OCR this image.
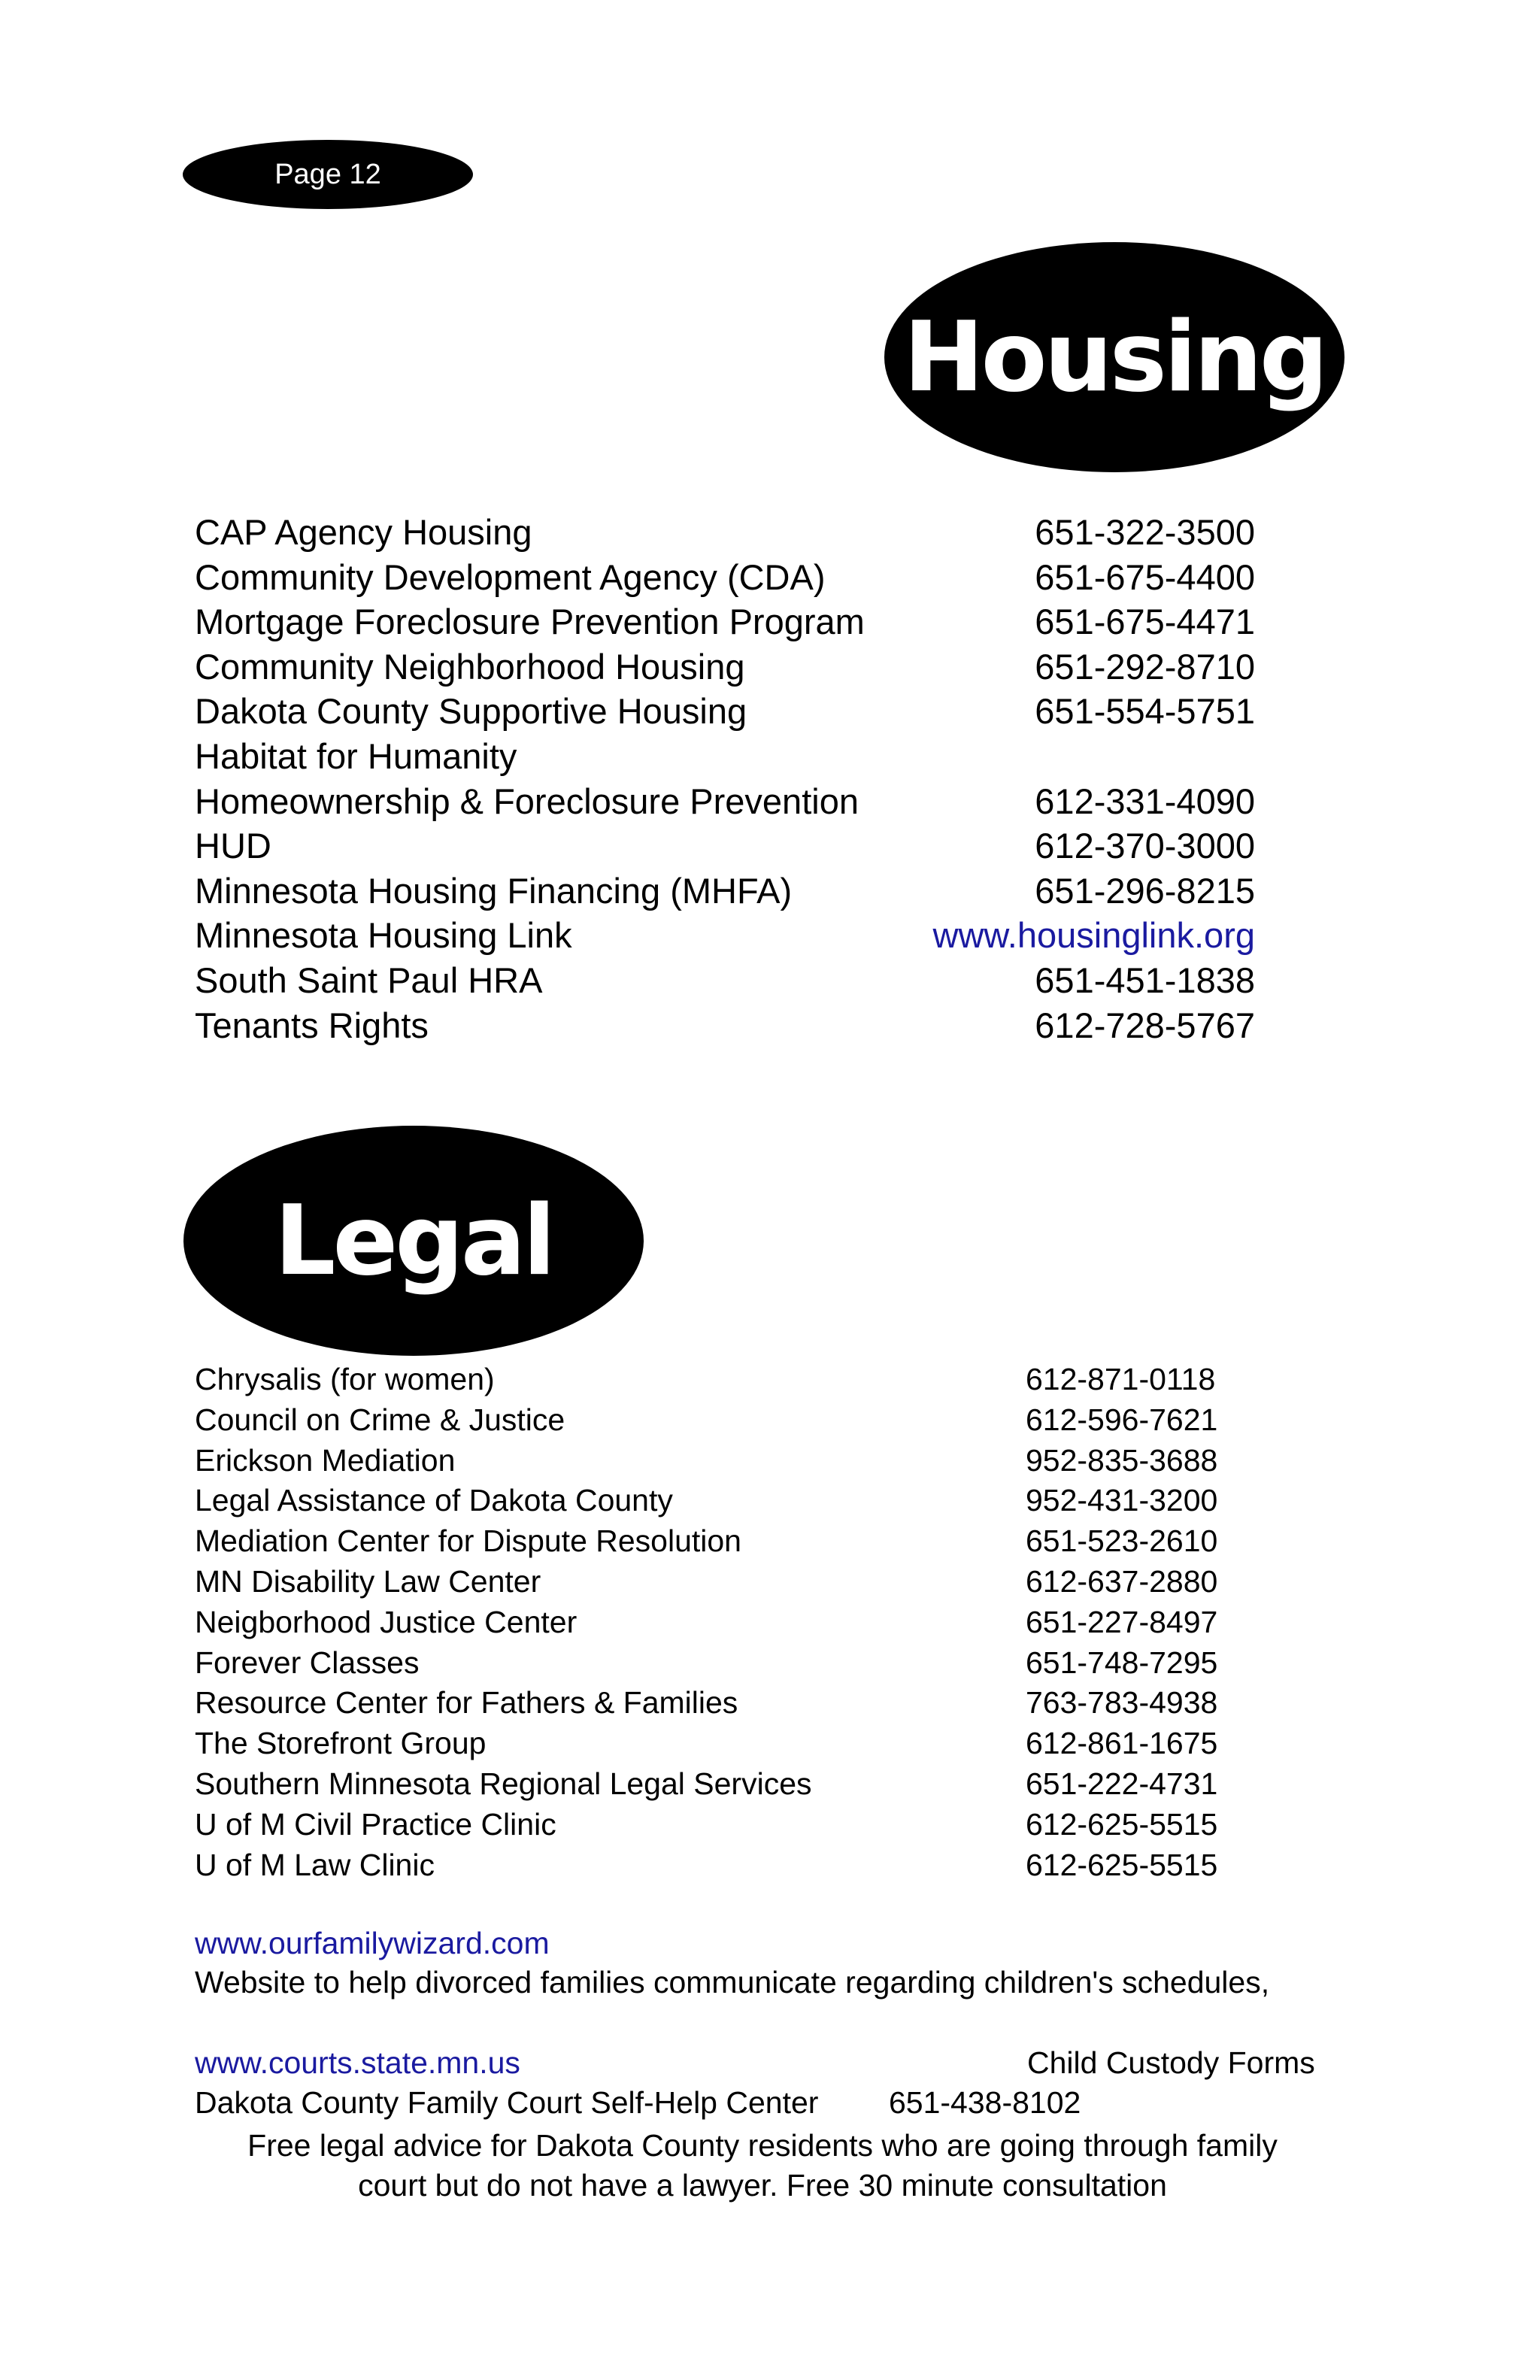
Page 12
Housing
CAP Agency Housing	651-322-3500
Community Development Agency (CDA)	651-675-4400
Mortgage Foreclosure Prevention Program	651-675-4471
Community Neighborhood Housing	651-292-8710
Dakota County Supportive Housing	651-554-5751
Habitat for Humanity
Homeownership & Foreclosure Prevention	612-331-4090
HUD	612-370-3000
Minnesota Housing Financing (MHFA)	651-296-8215
Minnesota Housing Link	www.housinglink.org
South Saint Paul HRA	651-451-1838
Tenants Rights	612-728-5767
Legal
Chrysalis (for women)	612-871-0118
Council on Crime & Justice	612-596-7621
Erickson Mediation	952-835-3688
Legal Assistance of Dakota County	952-431-3200
Mediation Center for Dispute Resolution	651-523-2610
MN Disability Law Center	612-637-2880
Neigborhood Justice Center	651-227-8497
Forever Classes	651-748-7295
Resource Center for Fathers & Families	763-783-4938
The Storefront Group	612-861-1675
Southern Minnesota Regional Legal Services	651-222-4731
U of M Civil Practice Clinic	612-625-5515
U of M Law Clinic	612-625-5515
www.ourfamilywizard.com
Website to help divorced families communicate regarding children's schedules,
www.courts.state.mn.us	Child Custody Forms
Dakota County Family Court Self-Help Center 651-438-8102
Free legal advice for Dakota County residents who are going through family
court but do not have a lawyer. Free 30 minute consultation
